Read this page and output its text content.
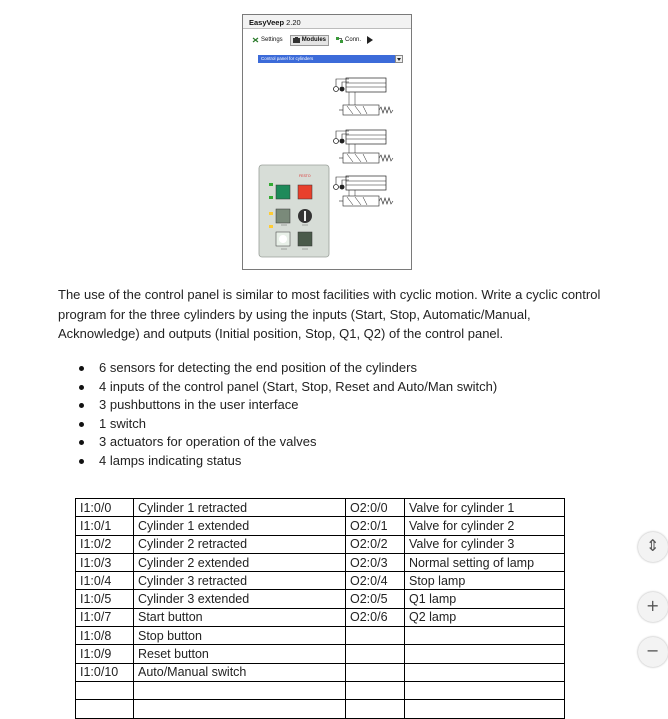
EasyVeep 2.20
Settings	Modules	Conn.
Control panel for cylinders
FESTO

The use of the control panel is similar to most facilities with cyclic motion. Write a cyclic control program for the three cylinders by using the inputs (Start, Stop, Automatic/Manual, Acknowledge) and outputs (Initial position, Stop, Q1, Q2) of the control panel.

6 sensors for detecting the end position of the cylinders
4 inputs of the control panel (Start, Stop, Reset and Auto/Man switch)
3 pushbuttons in the user interface
1 switch
3 actuators for operation of the valves
4 lamps indicating status
I1:0/0	Cylinder 1 retracted	O2:0/0	Valve for cylinder 1
I1:0/1	Cylinder 1 extended	O2:0/1	Valve for cylinder 2
I1:0/2	Cylinder 2 retracted	O2:0/2	Valve for cylinder 3
I1:0/3	Cylinder 2 extended	O2:0/3	Normal setting of lamp
I1:0/4	Cylinder 3 retracted	O2:0/4	Stop lamp
I1:0/5	Cylinder 3 extended	O2:0/5	Q1 lamp
I1:0/7	Start button	O2:0/6	Q2 lamp
I1:0/8	Stop button		
I1:0/9	Reset button		
I1:0/10	Auto/Manual switch		

⇕
+
−
